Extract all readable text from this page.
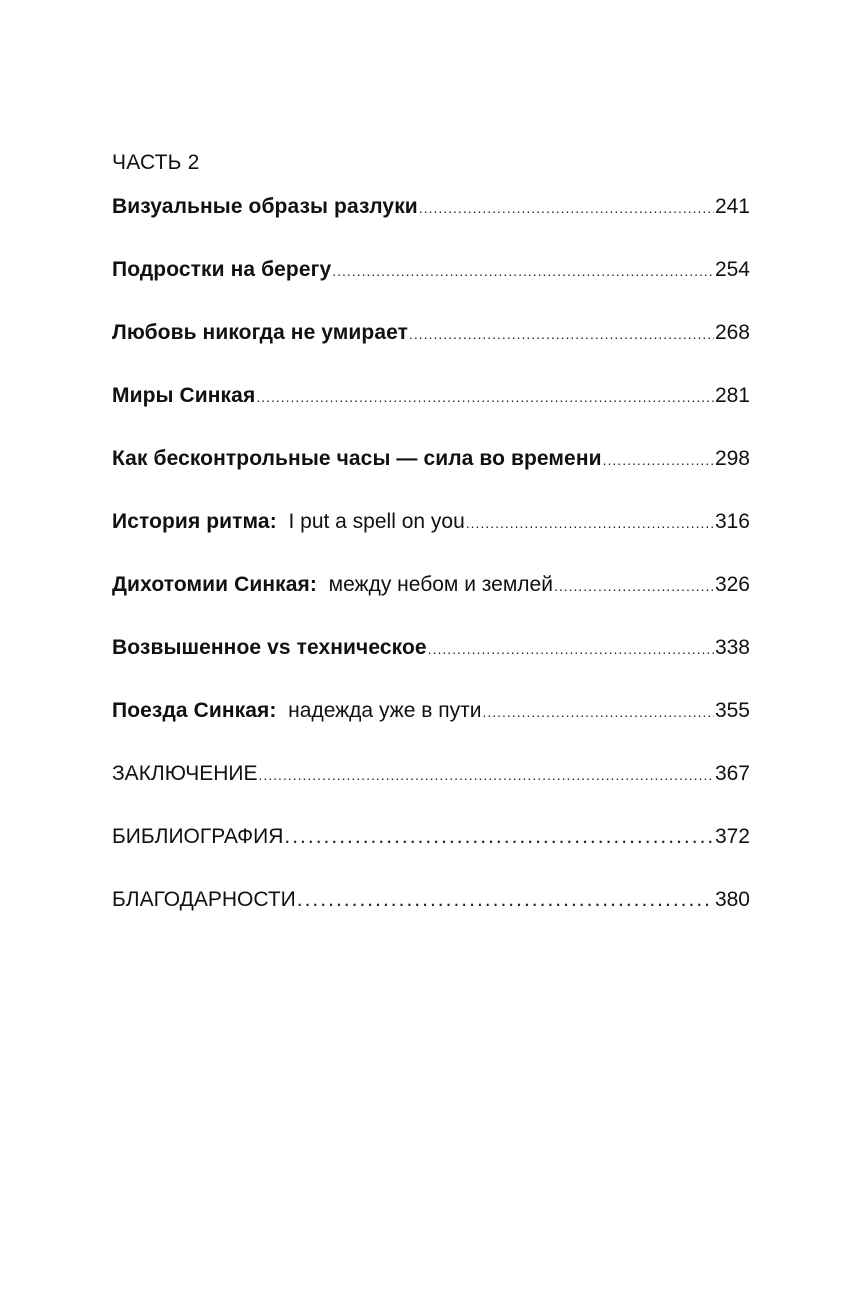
ЧАСТЬ 2
Визуальные образы разлуки .....	241
Подростки на берегу .....	254
Любовь никогда не умирает .....	268
Миры Синкая .....	281
Как бесконтрольные часы — сила во времени .....	298
История ритма:  I put a spell on you .....	316
Дихотомии Синкая:  между небом и землей .....	326
Возвышенное vs техническое .....	338
Поезда Синкая:  надежда уже в пути .....	355
ЗАКЛЮЧЕНИЕ .....	367
БИБЛИОГРАФИЯ .....	372
БЛАГОДАРНОСТИ .....	380
